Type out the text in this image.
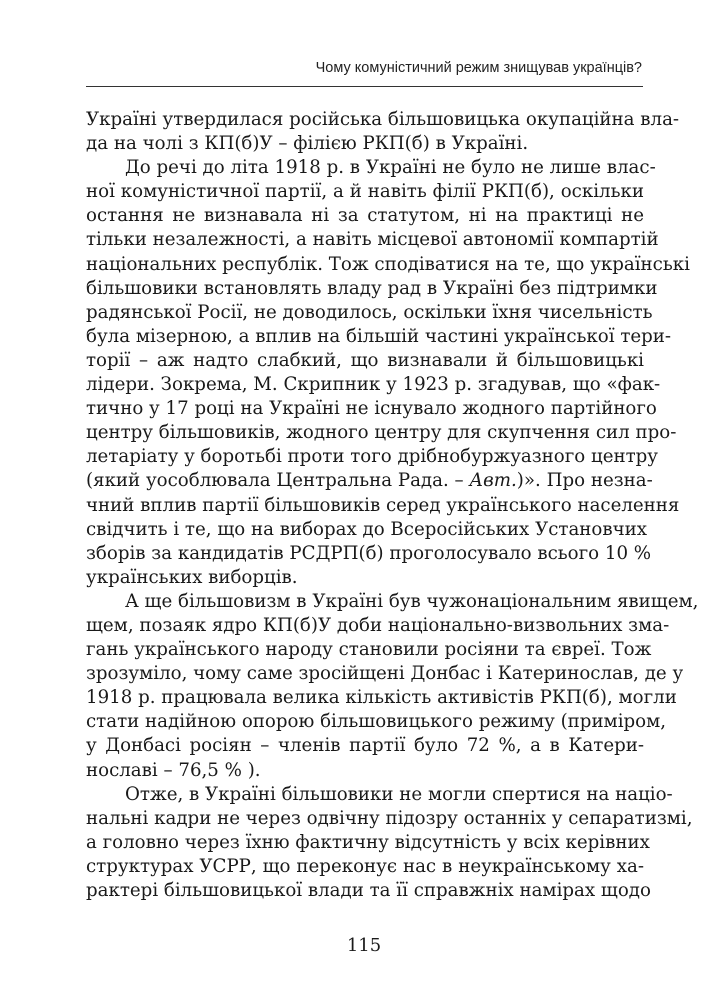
Чому комуністичний режим знищував українців?

Україні утвердилася російська більшовицька окупаційна вла-
да на чолі з КП(б)У – філією РКП(б) в Україні.

До речі до літа 1918 р. в Україні не було не лише влас-
ної комуністичної партії, а й навіть філії РКП(б), оскільки
остання не визнавала ні за статутом, ні на практиці не
тільки незалежності, а навіть місцевої автономії компартій
національних республік. Тож сподіватися на те, що українські
більшовики встановлять владу рад в Україні без підтримки
радянської Росії, не доводилось, оскільки їхня чисельність
була мізерною, а вплив на більшій частині української тери-
торії – аж надто слабкий, що визнавали й більшовицькі
лідери. Зокрема, М. Скрипник у 1923 р. згадував, що «фак-
тично у 17 році на Україні не існувало жодного партійного
центру більшовиків, жодного центру для скупчення сил про-
летаріату у боротьбі проти того дрібнобуржуазного центру
(який уособлювала Центральна Рада. – Авт.)». Про незна-
чний вплив партії більшовиків серед українського населення
свідчить і те, що на виборах до Всеросійських Установчих
зборів за кандидатів РСДРП(б) проголосувало всього 10 %
українських виборців.

А ще більшовизм в Україні був чужонаціональним явищем,
щем, позаяк ядро КП(б)У доби національно-визвольних зма-
гань українського народу становили росіяни та євреї. Тож
зрозуміло, чому саме зросійщені Донбас і Катеринослав, де у
1918 р. працювала велика кількість активістів РКП(б), могли
стати надійною опорою більшовицького режиму (приміром,
у Донбасі росіян – членів партії було 72 %, а в Катери-
нославі – 76,5 % ).

Отже, в Україні більшовики не могли спертися на націо-
нальні кадри не через одвічну підозру останніх у сепаратизмі,
а головно через їхню фактичну відсутність у всіх керівних
структурах УСРР, що переконує нас в неукраїнському ха-
рактері більшовицької влади та її справжніх намірах щодо

115
